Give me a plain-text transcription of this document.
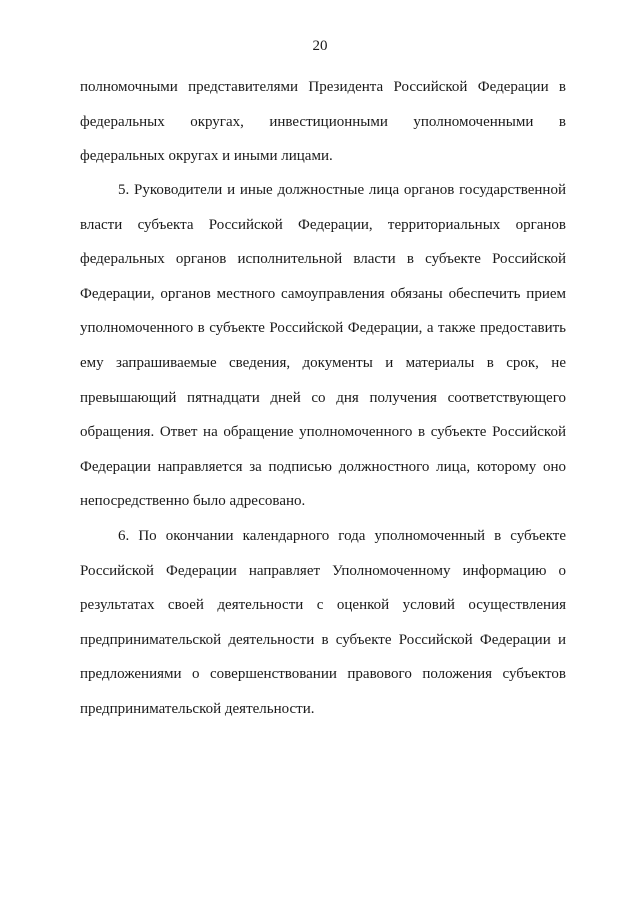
20

полномочными представителями Президента Российской Федерации в федеральных округах, инвестиционными уполномоченными в федеральных округах и иными лицами.

5. Руководители и иные должностные лица органов государственной власти субъекта Российской Федерации, территориальных органов федеральных органов исполнительной власти в субъекте Российской Федерации, органов местного самоуправления обязаны обеспечить прием уполномоченного в субъекте Российской Федерации, а также предоставить ему запрашиваемые сведения, документы и материалы в срок, не превышающий пятнадцати дней со дня получения соответствующего обращения. Ответ на обращение уполномоченного в субъекте Российской Федерации направляется за подписью должностного лица, которому оно непосредственно было адресовано.

6. По окончании календарного года уполномоченный в субъекте Российской Федерации направляет Уполномоченному информацию о результатах своей деятельности с оценкой условий осуществления предпринимательской деятельности в субъекте Российской Федерации и предложениями о совершенствовании правового положения субъектов предпринимательской деятельности.
